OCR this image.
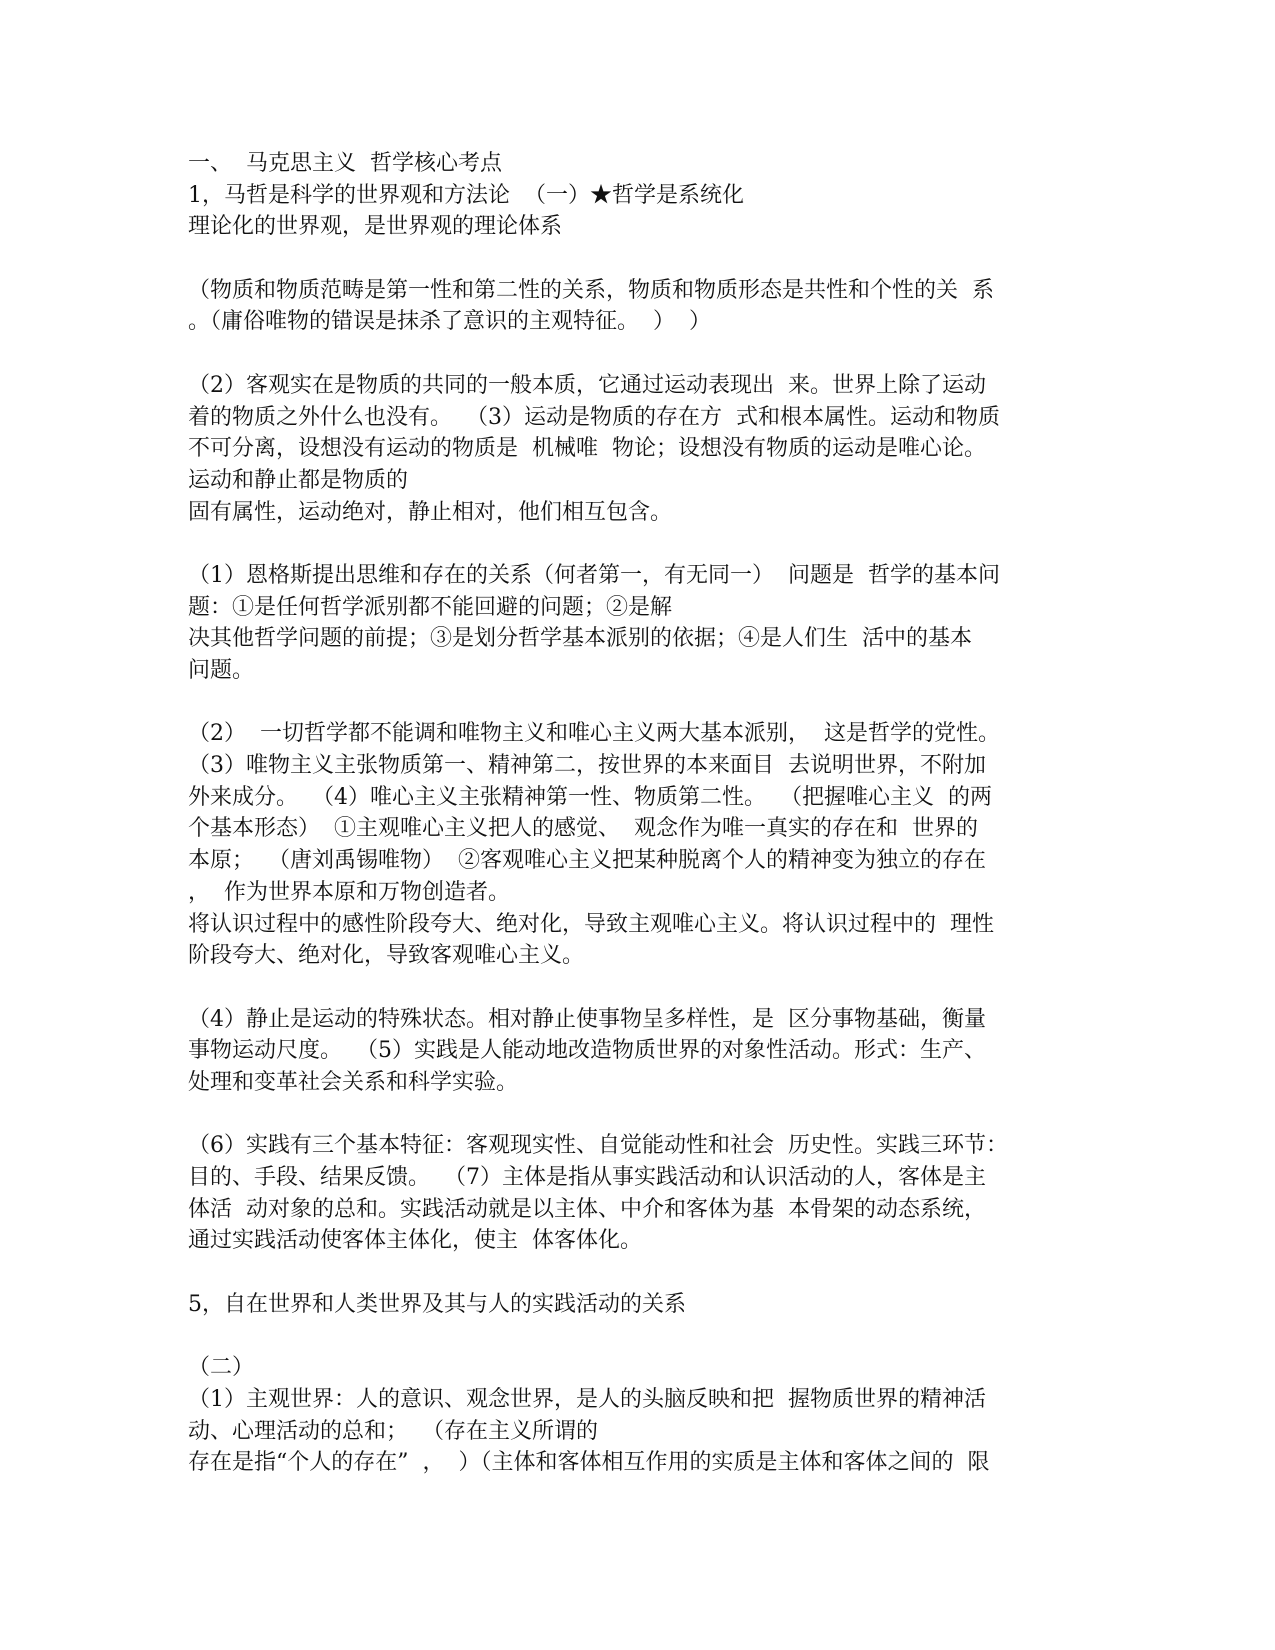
一、  马克思主义  哲学核心考点
1，马哲是科学的世界观和方法论  （一）★哲学是系统化
理论化的世界观，是世界观的理论体系
（物质和物质范畴是第一性和第二性的关系，物质和物质形态是共性和个性的关  系
。（庸俗唯物的错误是抹杀了意识的主观特征。  ）  ）
（2）客观实在是物质的共同的一般本质，它通过运动表现出  来。世界上除了运动
着的物质之外什么也没有。  （3）运动是物质的存在方  式和根本属性。运动和物质
不可分离，设想没有运动的物质是  机械唯  物论；设想没有物质的运动是唯心论。
运动和静止都是物质的
固有属性，运动绝对，静止相对，他们相互包含。
（1）恩格斯提出思维和存在的关系（何者第一，有无同一）  问题是  哲学的基本问
题：①是任何哲学派别都不能回避的问题；②是解
决其他哲学问题的前提；③是划分哲学基本派别的依据；④是人们生  活中的基本
问题。
（2）  一切哲学都不能调和唯物主义和唯心主义两大基本派别，  这是哲学的党性。
（3）唯物主义主张物质第一、精神第二，按世界的本来面目  去说明世界，不附加
外来成分。  （4）唯心主义主张精神第一性、物质第二性。  （把握唯心主义  的两
个基本形态）  ①主观唯心主义把人的感觉、  观念作为唯一真实的存在和  世界的
本原；  （唐刘禹锡唯物）  ②客观唯心主义把某种脱离个人的精神变为独立的存在
，  作为世界本原和万物创造者。
将认识过程中的感性阶段夸大、绝对化，导致主观唯心主义。将认识过程中的  理性
阶段夸大、绝对化，导致客观唯心主义。
（4）静止是运动的特殊状态。相对静止使事物呈多样性，是  区分事物基础，衡量
事物运动尺度。  （5）实践是人能动地改造物质世界的对象性活动。形式：生产、
处理和变革社会关系和科学实验。
（6）实践有三个基本特征：客观现实性、自觉能动性和社会  历史性。实践三环节：
目的、手段、结果反馈。  （7）主体是指从事实践活动和认识活动的人，客体是主
体活  动对象的总和。实践活动就是以主体、中介和客体为基  本骨架的动态系统，
通过实践活动使客体主体化，使主  体客体化。
5，自在世界和人类世界及其与人的实践活动的关系
（二）
（1）主观世界：人的意识、观念世界，是人的头脑反映和把  握物质世界的精神活
动、心理活动的总和；  （存在主义所谓的
存在是指“个人的存在”  ，  ）（主体和客体相互作用的实质是主体和客体之间的  限
